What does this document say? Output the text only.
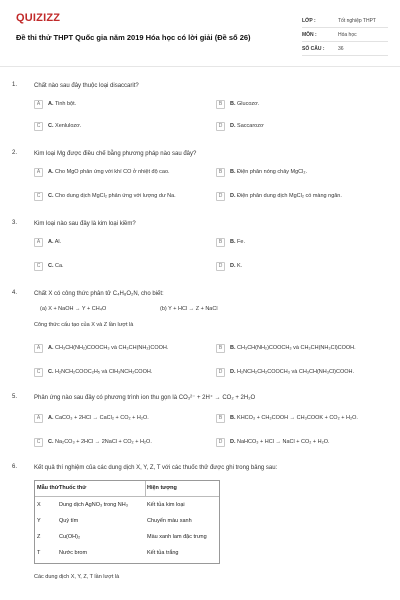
QUIZIZZ
Đề thi thử THPT Quốc gia năm 2019 Hóa học có lời giải (Đề số 26)
LỚP :	Tốt nghiệp THPT
MÔN :	Hóa học
SỐ CÂU :	36
1.	Chất nào sau đây thuộc loại disaccarit?
A	A. Tinh bột.	B	B. Glucozơ.
C	C. Xenlulozơ.	D	D. Saccarozơ
2.	Kim loại Mg được điều chế bằng phương pháp nào sau đây?
A	A. Cho MgO phản ứng với khí CO ở nhiệt độ cao.	B	B. Điện phân nóng chảy MgCl₂.
C	C. Cho dung dịch MgCl₂ phản ứng với lượng dư Na.	D	D. Điện phân dung dịch MgCl₂ có màng ngăn.
3.	Kim loại nào sau đây là kim loại kiềm?
A	A. Al.	B	B. Fe.
C	C. Ca.	D	D. K.
4.	Chất X có công thức phân tử C₄H₈O₂N, cho biết:
(a) X + NaOH → Y + CH₄O	(b) Y + HCl → Z + NaCl
Công thức cấu tạo của X và Z lần lượt là
A	A. CH₃CH(NH₂)COOCH₃ và CH₃CH(NH₂)COOH.	B	B. CH₃CH(NH₂)COOCH₃ và CH₃CH(NH₃Cl)COOH.
C	C. H₂NCH₂COOC₂H₅ và ClH₃NCH₂COOH.	D	D. H₂NCH₂CH₂COOCH₃ và CH₃CH(NH₃Cl)COOH.
5.	Phản ứng nào sau đây có phương trình ion thu gọn là CO₃²⁻ + 2H⁺ → CO₂ + 2H₂O
A	A. CaCO₃ + 2HCl → CaCl₂ + CO₂ + H₂O.	B	B. KHCO₃ + CH₃COOH → CH₃COOK + CO₂ + H₂O.
C	C. Na₂CO₃ + 2HCl → 2NaCl + CO₂ + H₂O.	D	D. NaHCO₃ + HCl → NaCl + CO₂ + H₂O.
6.	Kết quả thí nghiệm của các dung dịch X, Y, Z, T với các thuốc thử được ghi trong bảng sau:
Mẫu thử Thuốc thử	Hiện tượng
X	Dung dịch AgNO₃ trong NH₃	Kết tủa kim loại
Y	Quỳ tím	Chuyển màu xanh
Z	Cu(OH)₂	Màu xanh lam đặc trưng
T	Nước brom	Kết tủa trắng
Các dung dịch X, Y, Z, T lần lượt là
